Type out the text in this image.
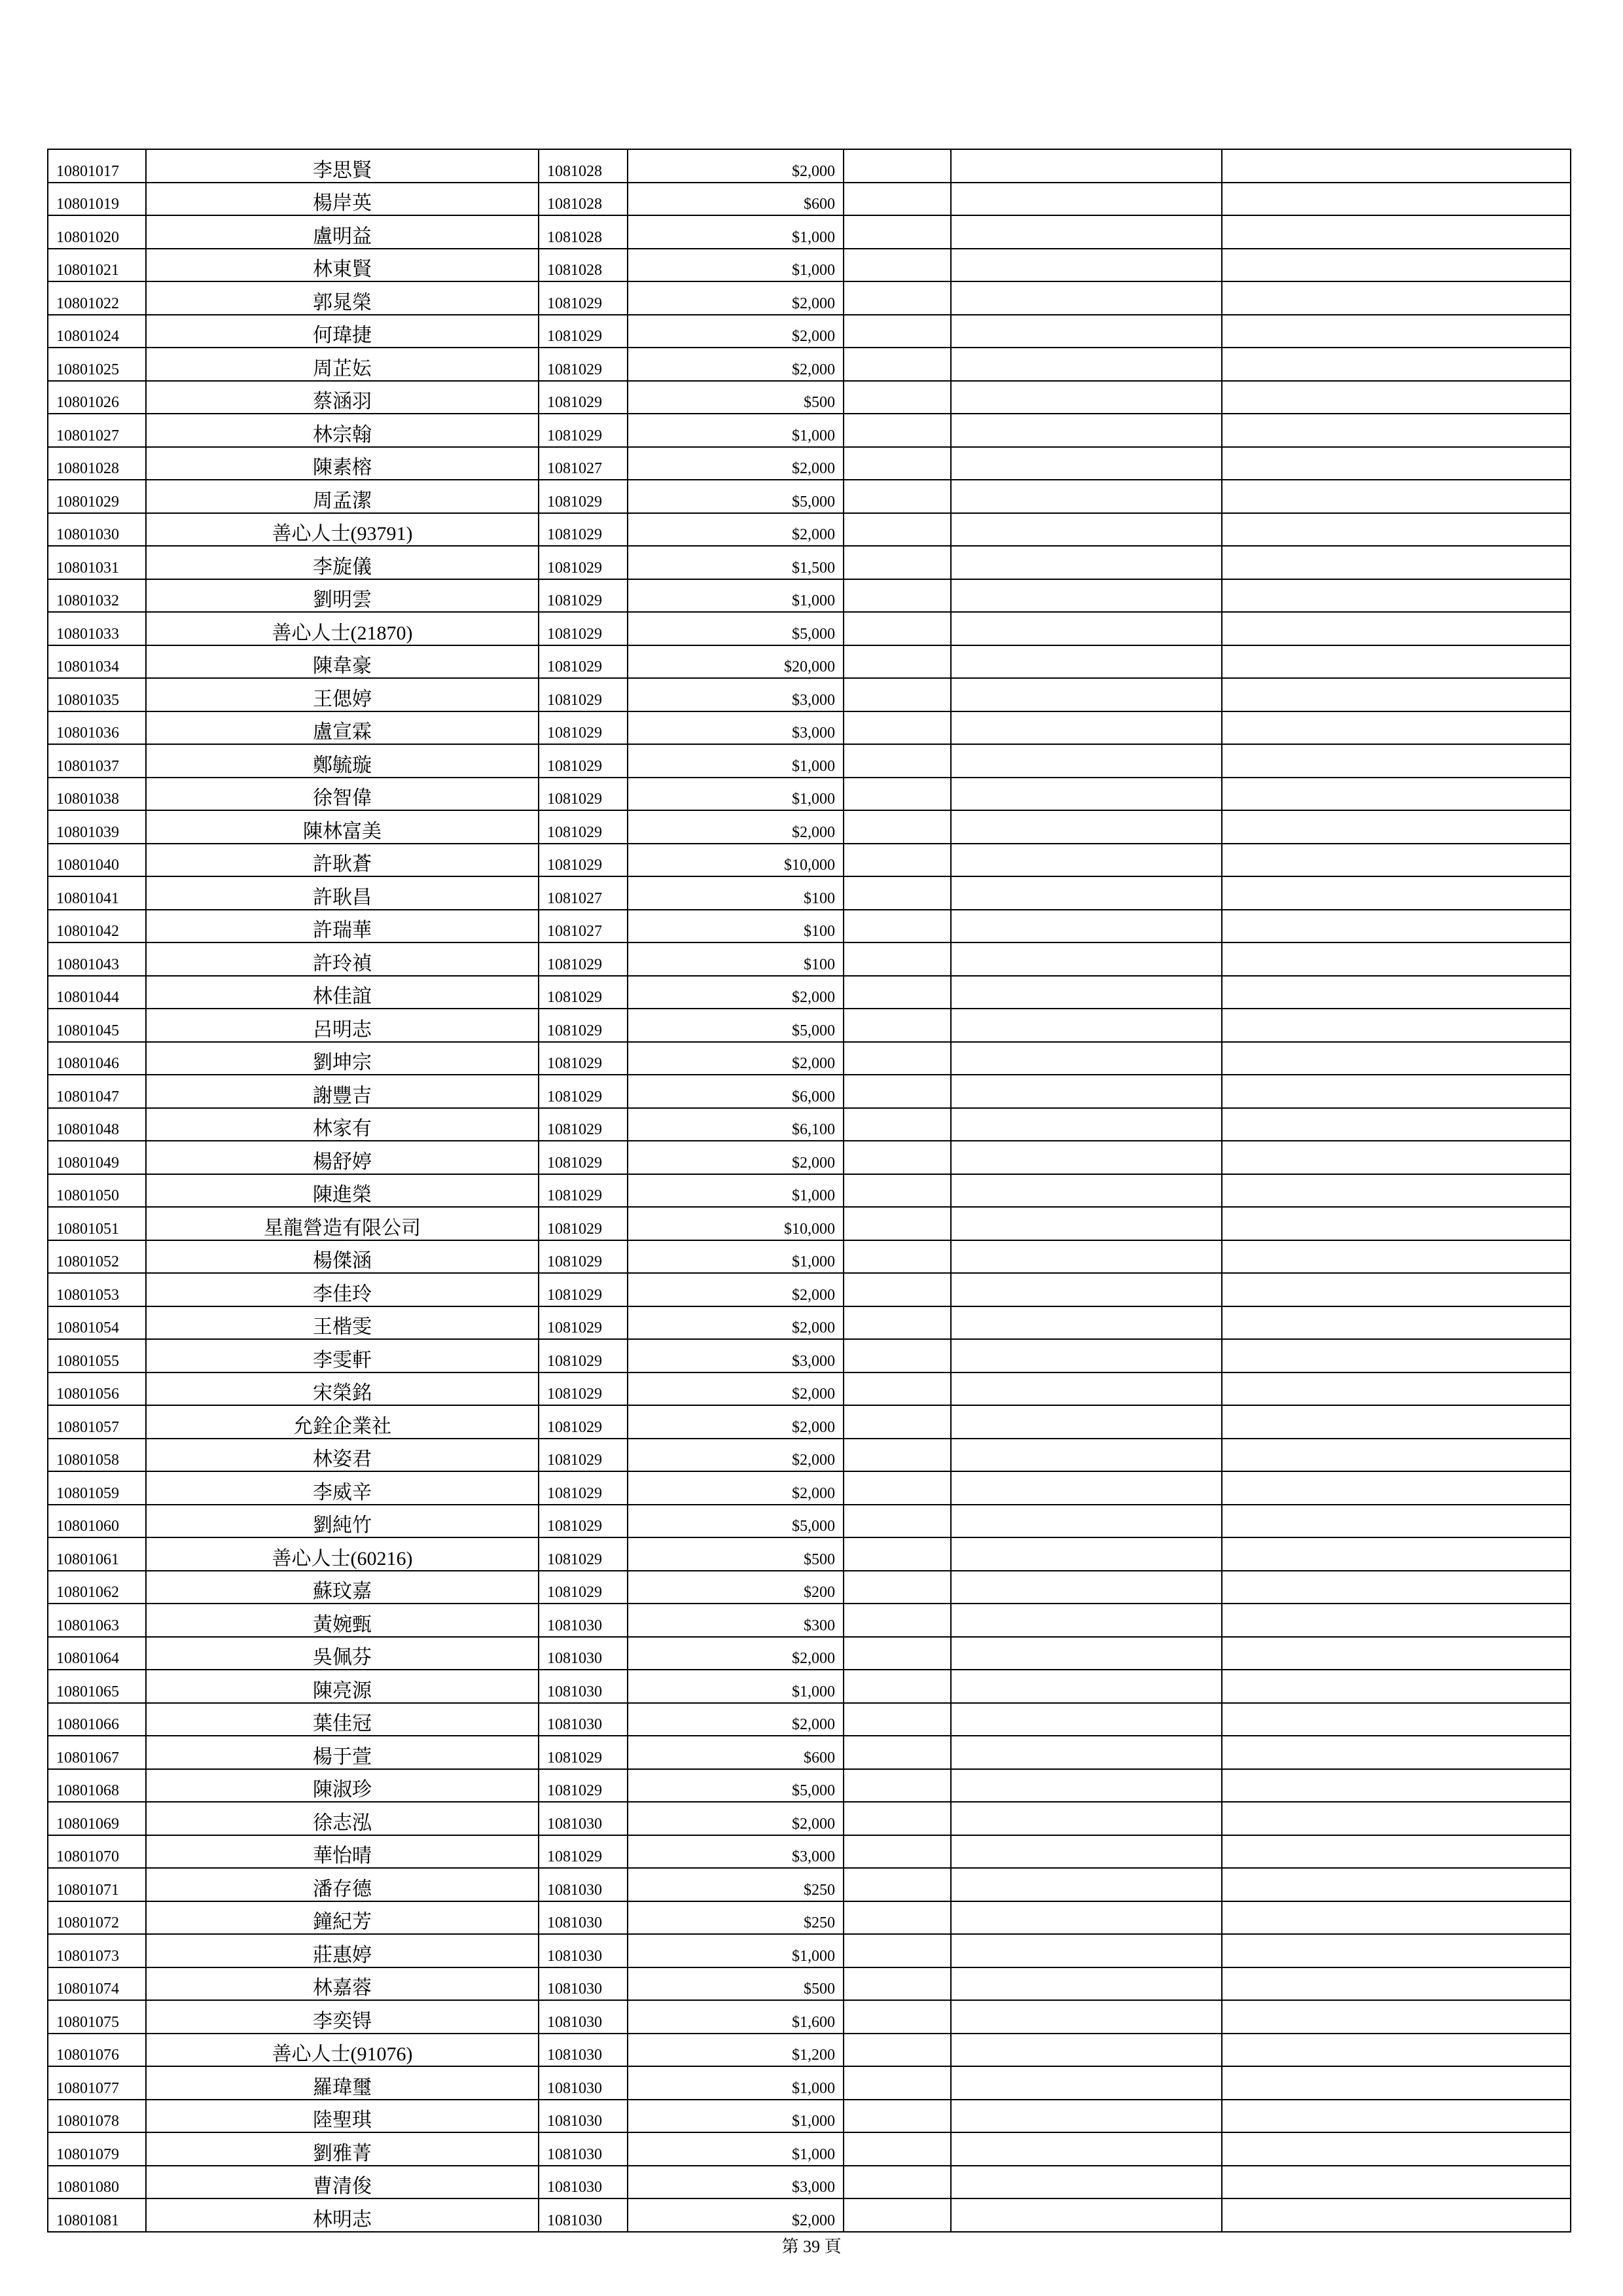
10801017	李思賢	1081028	$2,000			
10801019	楊岸英	1081028	$600			
10801020	盧明益	1081028	$1,000			
10801021	林東賢	1081028	$1,000			
10801022	郭晁榮	1081029	$2,000			
10801024	何瑋捷	1081029	$2,000			
10801025	周芷妘	1081029	$2,000			
10801026	蔡涵羽	1081029	$500			
10801027	林宗翰	1081029	$1,000			
10801028	陳素榕	1081027	$2,000			
10801029	周孟潔	1081029	$5,000			
10801030	善心人士(93791)	1081029	$2,000			
10801031	李旋儀	1081029	$1,500			
10801032	劉明雲	1081029	$1,000			
10801033	善心人士(21870)	1081029	$5,000			
10801034	陳韋豪	1081029	$20,000			
10801035	王偲婷	1081029	$3,000			
10801036	盧宣霖	1081029	$3,000			
10801037	鄭毓璇	1081029	$1,000			
10801038	徐智偉	1081029	$1,000			
10801039	陳林富美	1081029	$2,000			
10801040	許耿蒼	1081029	$10,000			
10801041	許耿昌	1081027	$100			
10801042	許瑞華	1081027	$100			
10801043	許玲禎	1081029	$100			
10801044	林佳誼	1081029	$2,000			
10801045	呂明志	1081029	$5,000			
10801046	劉坤宗	1081029	$2,000			
10801047	謝豐吉	1081029	$6,000			
10801048	林家有	1081029	$6,100			
10801049	楊舒婷	1081029	$2,000			
10801050	陳進榮	1081029	$1,000			
10801051	星龍營造有限公司	1081029	$10,000			
10801052	楊傑涵	1081029	$1,000			
10801053	李佳玲	1081029	$2,000			
10801054	王楷雯	1081029	$2,000			
10801055	李雯軒	1081029	$3,000			
10801056	宋榮銘	1081029	$2,000			
10801057	允銓企業社	1081029	$2,000			
10801058	林姿君	1081029	$2,000			
10801059	李威辛	1081029	$2,000			
10801060	劉純竹	1081029	$5,000			
10801061	善心人士(60216)	1081029	$500			
10801062	蘇玟嘉	1081029	$200			
10801063	黃婉甄	1081030	$300			
10801064	吳佩芬	1081030	$2,000			
10801065	陳亮源	1081030	$1,000			
10801066	葉佳冠	1081030	$2,000			
10801067	楊于萱	1081029	$600			
10801068	陳淑珍	1081029	$5,000			
10801069	徐志泓	1081030	$2,000			
10801070	華怡晴	1081029	$3,000			
10801071	潘存德	1081030	$250			
10801072	鐘紀芳	1081030	$250			
10801073	莊惠婷	1081030	$1,000			
10801074	林嘉蓉	1081030	$500			
10801075	李奕锝	1081030	$1,600			
10801076	善心人士(91076)	1081030	$1,200			
10801077	羅瑋璽	1081030	$1,000			
10801078	陸聖琪	1081030	$1,000			
10801079	劉雅菁	1081030	$1,000			
10801080	曹清俊	1081030	$3,000			
10801081	林明志	1081030	$2,000			
第 39 頁
